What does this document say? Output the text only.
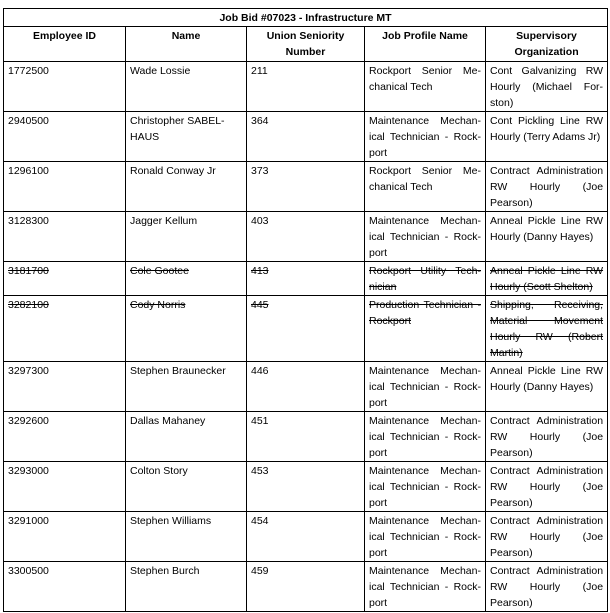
Job Bid #07023 - Infrastructure MT				
Employee ID	Name	Union Seniority Number	Job Profile Name	Supervisory Organization
1772500	Wade Lossie	211	Rockport Senior Mechanical Tech	Cont Galvanizing RW Hourly (Michael Forston)
2940500	Christopher SABELHAUS	364	Maintenance Mechanical Technician - Rockport	Cont Pickling Line RW Hourly (Terry Adams Jr)
1296100	Ronald Conway Jr	373	Rockport Senior Mechanical Tech	Contract Administration RW Hourly (Joe Pearson)
3128300	Jagger Kellum	403	Maintenance Mechanical Technician - Rockport	Anneal Pickle Line RW Hourly (Danny Hayes)
3181700	Cole Gootee	413	Rockport Utility Technician	Anneal Pickle Line RW Hourly (Scott Shelton)
3282100	Cody Norris	445	Production Technician - Rockport	Shipping, Receiving, Material Movement Hourly RW (Robert Martin)
3297300	Stephen Braunecker	446	Maintenance Mechanical Technician - Rockport	Anneal Pickle Line RW Hourly (Danny Hayes)
3292600	Dallas Mahaney	451	Maintenance Mechanical Technician - Rockport	Contract Administration RW Hourly (Joe Pearson)
3293000	Colton Story	453	Maintenance Mechanical Technician - Rockport	Contract Administration RW Hourly (Joe Pearson)
3291000	Stephen Williams	454	Maintenance Mechanical Technician - Rockport	Contract Administration RW Hourly (Joe Pearson)
3300500	Stephen Burch	459	Maintenance Mechanical Technician - Rockport	Contract Administration RW Hourly (Joe Pearson)
